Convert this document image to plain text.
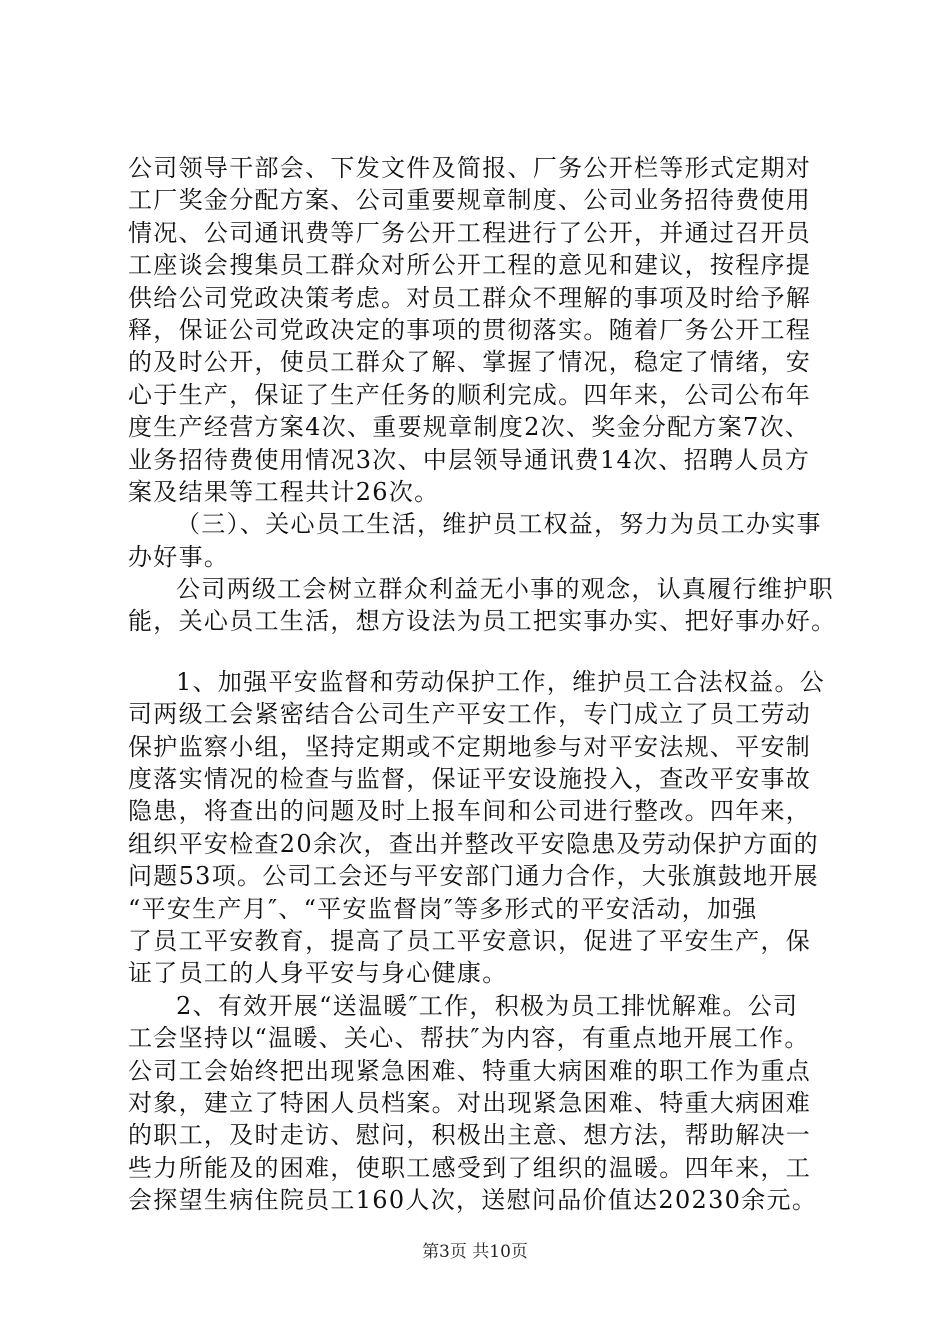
公司领导干部会、下发文件及简报、厂务公开栏等形式定期对
工厂奖金分配方案、公司重要规章制度、公司业务招待费使用
情况、公司通讯费等厂务公开工程进行了公开，并通过召开员
工座谈会搜集员工群众对所公开工程的意见和建议，按程序提
供给公司党政决策考虑。对员工群众不理解的事项及时给予解
释，保证公司党政决定的事项的贯彻落实。随着厂务公开工程
的及时公开，使员工群众了解、掌握了情况，稳定了情绪，安
心于生产，保证了生产任务的顺利完成。四年来，公司公布年
度生产经营方案4次、重要规章制度2次、奖金分配方案7次、
业务招待费使用情况3次、中层领导通讯费14次、招聘人员方
案及结果等工程共计26次。
（三）、关心员工生活，维护员工权益，努力为员工办实事
办好事。
公司两级工会树立群众利益无小事的观念，认真履行维护职
能，关心员工生活，想方设法为员工把实事办实、把好事办好。
1、加强平安监督和劳动保护工作，维护员工合法权益。公
司两级工会紧密结合公司生产平安工作，专门成立了员工劳动
保护监察小组，坚持定期或不定期地参与对平安法规、平安制
度落实情况的检查与监督，保证平安设施投入，查改平安事故
隐患，将查出的问题及时上报车间和公司进行整改。四年来，
组织平安检查20余次，查出并整改平安隐患及劳动保护方面的
问题53项。公司工会还与平安部门通力合作，大张旗鼓地开展
“平安生产月″、“平安监督岗″等多形式的平安活动，加强
了员工平安教育，提高了员工平安意识，促进了平安生产，保
证了员工的人身平安与身心健康。
2、有效开展“送温暖″工作，积极为员工排忧解难。公司
工会坚持以“温暖、关心、帮扶″为内容，有重点地开展工作。
公司工会始终把出现紧急困难、特重大病困难的职工作为重点
对象，建立了特困人员档案。对出现紧急困难、特重大病困难
的职工，及时走访、慰问，积极出主意、想方法，帮助解决一
些力所能及的困难，使职工感受到了组织的温暖。四年来，工
会探望生病住院员工160人次，送慰问品价值达20230余元。
第3页 共10页
